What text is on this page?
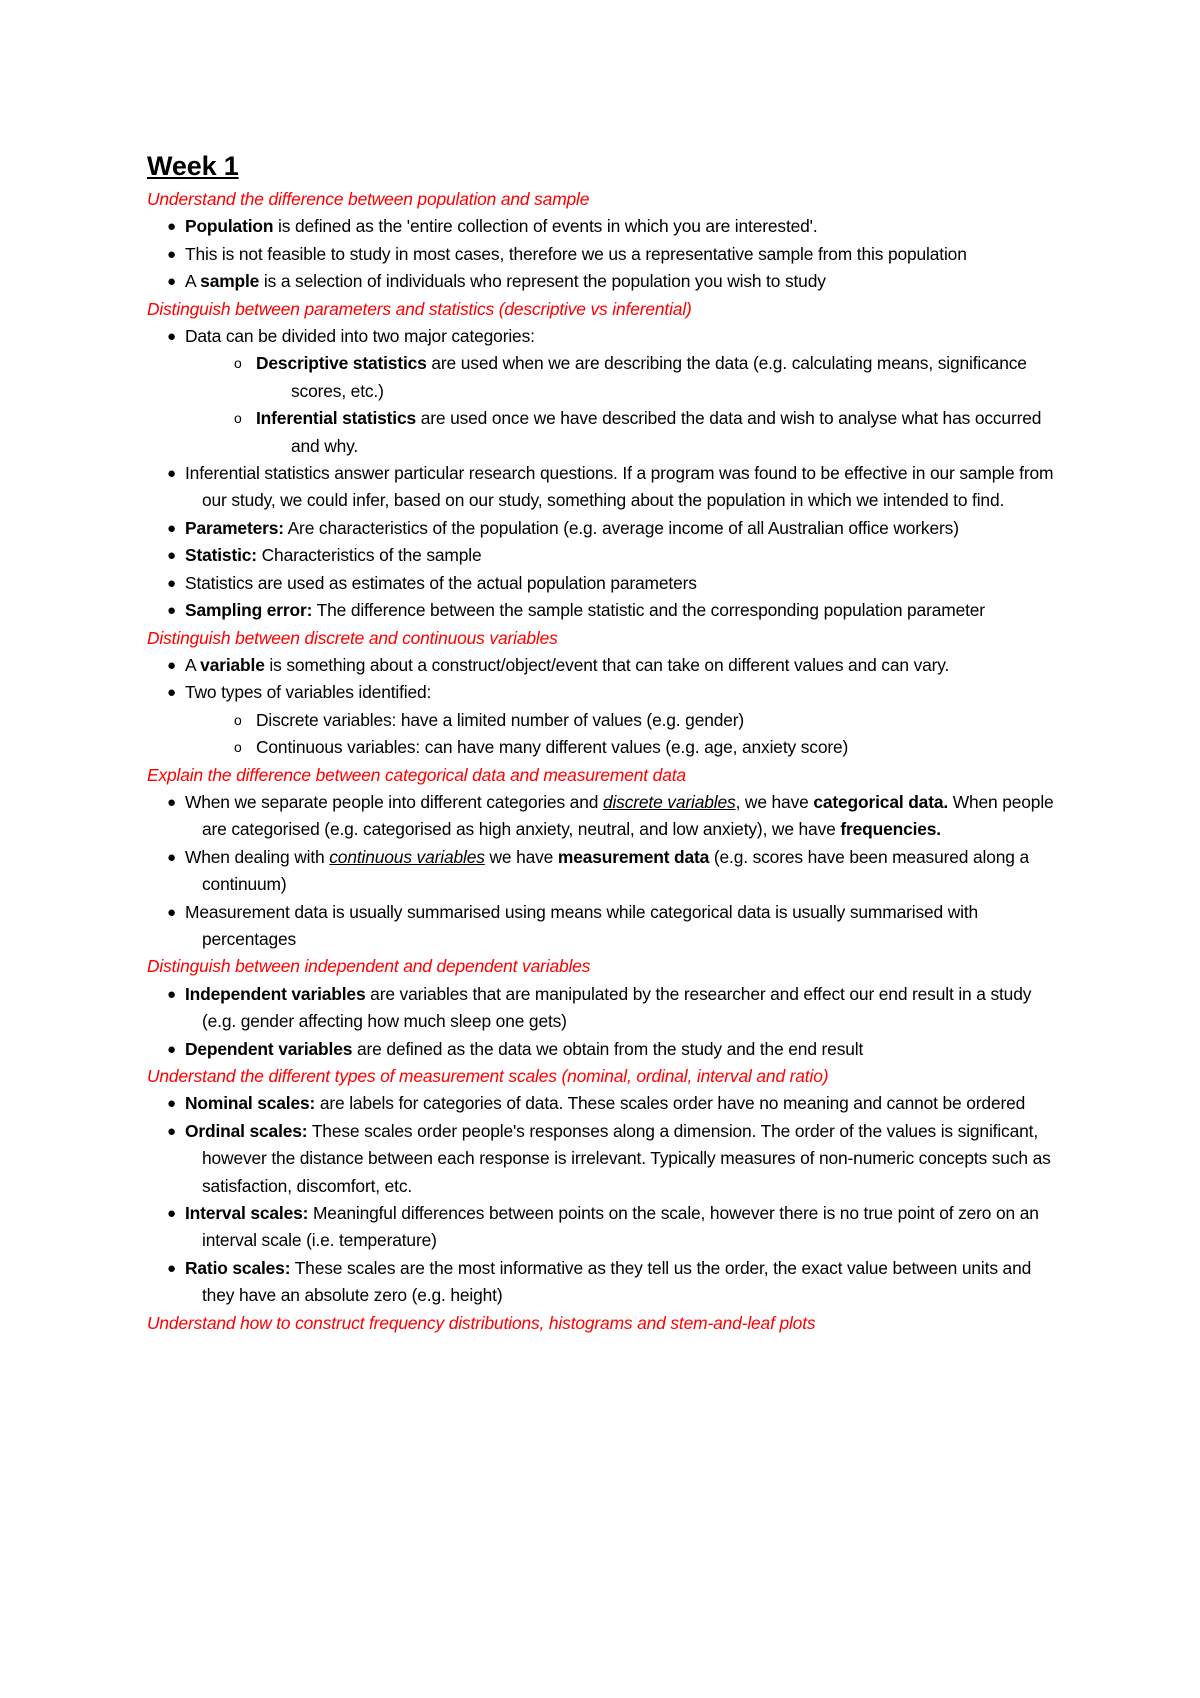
Week 1
Understand the difference between population and sample
● Population is defined as the 'entire collection of events in which you are interested'.
● This is not feasible to study in most cases, therefore we us a representative sample from this population
● A sample is a selection of individuals who represent the population you wish to study
Distinguish between parameters and statistics (descriptive vs inferential)
● Data can be divided into two major categories:
o Descriptive statistics are used when we are describing the data (e.g. calculating means, significance scores, etc.)
o Inferential statistics are used once we have described the data and wish to analyse what has occurred and why.
● Inferential statistics answer particular research questions. If a program was found to be effective in our sample from our study, we could infer, based on our study, something about the population in which we intended to find.
● Parameters: Are characteristics of the population (e.g. average income of all Australian office workers)
● Statistic: Characteristics of the sample
● Statistics are used as estimates of the actual population parameters
● Sampling error: The difference between the sample statistic and the corresponding population parameter
Distinguish between discrete and continuous variables
● A variable is something about a construct/object/event that can take on different values and can vary.
● Two types of variables identified:
o Discrete variables: have a limited number of values (e.g. gender)
o Continuous variables: can have many different values (e.g. age, anxiety score)
Explain the difference between categorical data and measurement data
● When we separate people into different categories and discrete variables, we have categorical data. When people are categorised (e.g. categorised as high anxiety, neutral, and low anxiety), we have frequencies.
● When dealing with continuous variables we have measurement data (e.g. scores have been measured along a continuum)
● Measurement data is usually summarised using means while categorical data is usually summarised with percentages
Distinguish between independent and dependent variables
● Independent variables are variables that are manipulated by the researcher and effect our end result in a study (e.g. gender affecting how much sleep one gets)
● Dependent variables are defined as the data we obtain from the study and the end result
Understand the different types of measurement scales (nominal, ordinal, interval and ratio)
● Nominal scales: are labels for categories of data. These scales order have no meaning and cannot be ordered
● Ordinal scales: These scales order people's responses along a dimension. The order of the values is significant, however the distance between each response is irrelevant. Typically measures of non-numeric concepts such as satisfaction, discomfort, etc.
● Interval scales: Meaningful differences between points on the scale, however there is no true point of zero on an interval scale (i.e. temperature)
● Ratio scales: These scales are the most informative as they tell us the order, the exact value between units and they have an absolute zero (e.g. height)
Understand how to construct frequency distributions, histograms and stem-and-leaf plots
